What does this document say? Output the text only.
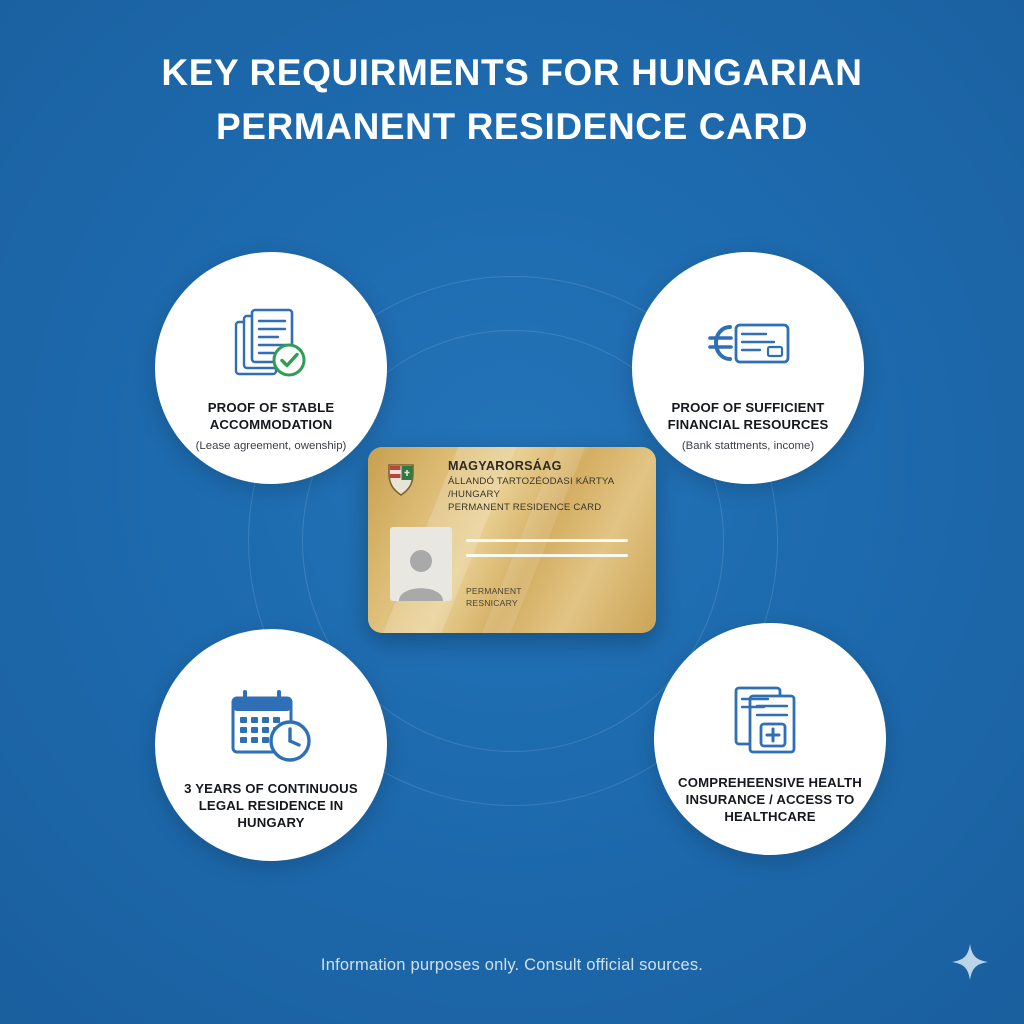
KEY REQUIRMENTS FOR HUNGARIAN
PERMANENT RESIDENCE CARD
PROOF OF STABLE ACCOMMODATION
(Lease agreement, owenship)
PROOF OF SUFFICIENT FINANCIAL RESOURCES
(Bank stattments, income)
3 YEARS OF CONTINUOUS LEGAL RESIDENCE IN HUNGARY
COMPREHEENSIVE HEALTH INSURANCE / ACCESS TO HEALTHCARE
MAGYARORSÁAG
ÁLLANDÓ TARTOZÉODASI KÁRTYA
/HUNGARY
PERMANENT RESIDENCE CARD
PERMANENT
RESNICARY
Information purposes only. Consult official sources.
